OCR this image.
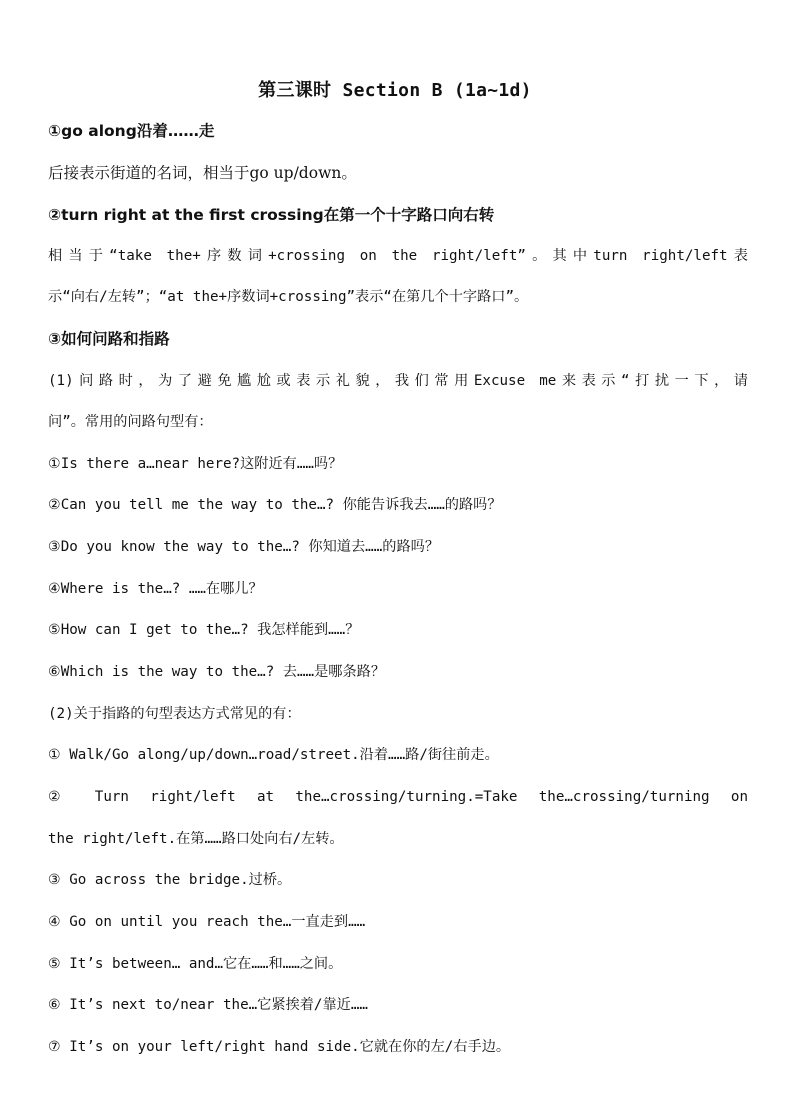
第三课时 Section B (1a~1d)
①go along沿着……走
后接表示街道的名词，相当于go up/down。
②turn right at the first crossing在第一个十字路口向右转
相当于“take the+序数词+crossing on the right/left”。其中turn right/left表
示“向右/左转”；“at the+序数词+crossing”表示“在第几个十字路口”。
③如何问路和指路
(1)问路时，为了避免尴尬或表示礼貌，我们常用Excuse me来表示“打扰一下，请
问”。常用的问路句型有：
①Is there a…near here?这附近有……吗？
②Can you tell me the way to the…? 你能告诉我去……的路吗？
③Do you know the way to the…? 你知道去……的路吗？
④Where is the…? ……在哪儿？
⑤How can I get to the…? 我怎样能到……？
⑥Which is the way to the…? 去……是哪条路？
(2)关于指路的句型表达方式常见的有：
① Walk/Go along/up/down…road/street.沿着……路/街往前走。
② Turn right/left at the…crossing/turning.=Take the…crossing/turning on
the right/left.在第……路口处向右/左转。
③ Go across the bridge.过桥。
④ Go on until you reach the…一直走到……
⑤ It’s between… and…它在……和……之间。
⑥ It’s next to/near the…它紧挨着/靠近……
⑦ It’s on your left/right hand side.它就在你的左/右手边。
